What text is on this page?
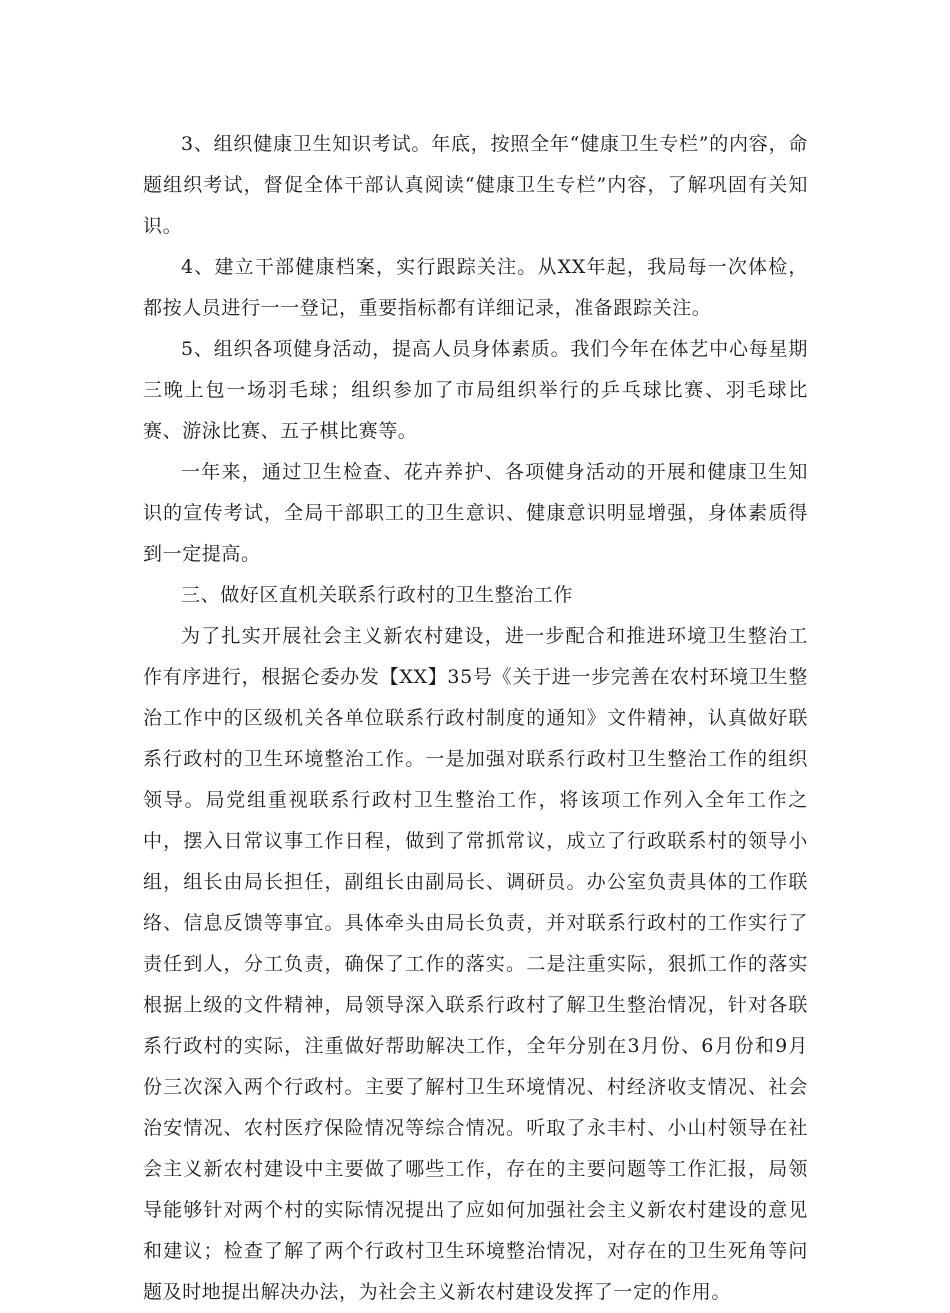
3、组织健康卫生知识考试。年底，按照全年“健康卫生专栏”的内容，命题组织考试，督促全体干部认真阅读“健康卫生专栏”内容，了解巩固有关知识。

4、建立干部健康档案，实行跟踪关注。从XX年起，我局每一次体检，都按人员进行一一登记，重要指标都有详细记录，准备跟踪关注。

5、组织各项健身活动，提高人员身体素质。我们今年在体艺中心每星期三晚上包一场羽毛球；组织参加了市局组织举行的乒乓球比赛、羽毛球比赛、游泳比赛、五子棋比赛等。

一年来，通过卫生检查、花卉养护、各项健身活动的开展和健康卫生知识的宣传考试，全局干部职工的卫生意识、健康意识明显增强，身体素质得到一定提高。

三、做好区直机关联系行政村的卫生整治工作

为了扎实开展社会主义新农村建设，进一步配合和推进环境卫生整治工作有序进行，根据仑委办发【XX】35号《关于进一步完善在农村环境卫生整治工作中的区级机关各单位联系行政村制度的通知》文件精神，认真做好联系行政村的卫生环境整治工作。一是加强对联系行政村卫生整治工作的组织领导。局党组重视联系行政村卫生整治工作，将该项工作列入全年工作之中，摆入日常议事工作日程，做到了常抓常议，成立了行政联系村的领导小组，组长由局长担任，副组长由副局长、调研员。办公室负责具体的工作联络、信息反馈等事宜。具体牵头由局长负责，并对联系行政村的工作实行了责任到人，分工负责，确保了工作的落实。二是注重实际，狠抓工作的落实根据上级的文件精神，局领导深入联系行政村了解卫生整治情况，针对各联系行政村的实际，注重做好帮助解决工作，全年分别在3月份、6月份和9月份三次深入两个行政村。主要了解村卫生环境情况、村经济收支情况、社会治安情况、农村医疗保险情况等综合情况。听取了永丰村、小山村领导在社会主义新农村建设中主要做了哪些工作，存在的主要问题等工作汇报，局领导能够针对两个村的实际情况提出了应如何加强社会主义新农村建设的意见和建议；检查了解了两个行政村卫生环境整治情况，对存在的卫生死角等问题及时地提出解决办法，为社会主义新农村建设发挥了一定的作用。
